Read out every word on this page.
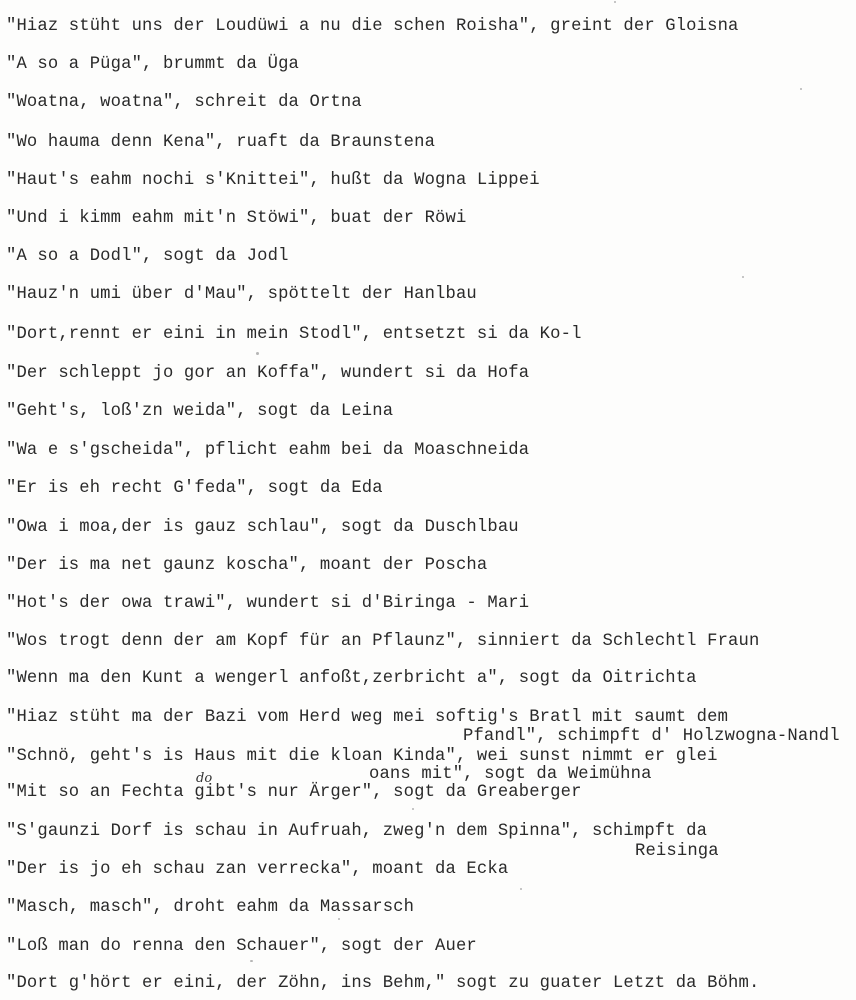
"Hiaz stüht uns der Loudüwi a nu die schen Roisha", greint der Gloisna
"A so a Püga", brummt da Üga
"Woatna, woatna", schreit da Ortna
"Wo hauma denn Kena", ruaft da Braunstena
"Haut's eahm nochi s'Knittei", hußt da Wogna Lippei
"Und i kimm eahm mit'n Stöwi", buat der Röwi
"A so a Dodl", sogt da Jodl
"Hauz'n umi über d'Mau", spöttelt der Hanlbau
"Dort,rennt er eini in mein Stodl", entsetzt si da Ko-l
"Der schleppt jo gor an Koffa", wundert si da Hofa
"Geht's, loß'zn weida", sogt da Leina
"Wa e s'gscheida", pflicht eahm bei da Moaschneida
"Er is eh recht G'feda", sogt da Eda
"Owa i moa,der is gauz schlau", sogt da Duschlbau
"Der is ma net gaunz koscha", moant der Poscha
"Hot's der owa trawi", wundert si d'Biringa - Mari
"Wos trogt denn der am Kopf für an Pflaunz", sinniert da Schlechtl Fraun
"Wenn ma den Kunt a wengerl anfoßt,zerbricht a", sogt da Oitrichta
"Hiaz stüht ma der Bazi vom Herd weg mei softig's Bratl mit saumt dem
Pfandl", schimpft d' Holzwogna-Nandl
"Schnö, geht's is Haus mit die kloan Kinda", wei sunst nimmt er glei
oans mit", sogt da Weimühna
"Mit so an Fechta gibt's nur Ärger", sogt da Greaberger
do
"S'gaunzi Dorf is schau in Aufruah, zweg'n dem Spinna", schimpft da
Reisinga
"Der is jo eh schau zan verrecka", moant da Ecka
"Masch, masch", droht eahm da Massarsch
"Loß man do renna den Schauer", sogt der Auer
"Dort g'hört er eini, der Zöhn, ins Behm," sogt zu guater Letzt da Böhm.
